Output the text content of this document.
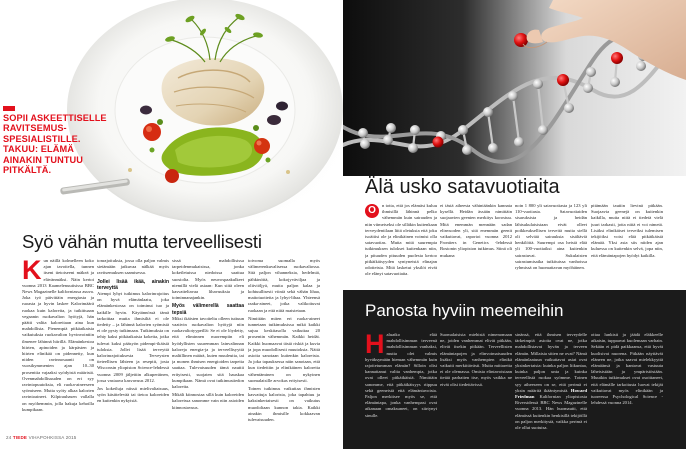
SOPII ASKEETTISELLE RAVITSEMUS-SPESIALISTILLE. TAKUU: ELÄMÄ AINAKIN TUNTUU PITKÄLTÄ.
Syö vähän mutta terveellisesti

Kun näillä kolmelleen koko ajan tavoitella, tunnen itseni tietoiseeni mäkeä ja elävänmäksi. Näin kertoi vuonna 2013 Kaamelenuutisissa BBC News Magazinelle kaliforniassa asuva. Joka työ päivittäin energiasta ja ruoasta ja hyvin laskee Kalorimäärä ruokaa kuin kaloreita, ja tutkittuaan vegaanin ruokavalion hyötyjä, hän päätti valita kaloreitaan aina kun mahdollista. Pienempiä pitkäaikaisia vaikutuksia ruokavalion hyvinvointiin ilmenee lähinnä hiirillä. Elämänkestoa hiirten, apinoiden ja kärpästen ja hiirten elinikää on pidennetty, kun niiden ravinnosaanti on vuosikymmenien ajan 10–30 prosenttia vajaaksi syödyistä määristä. Ovenmahdollisuuden on eri syy ravintopuutoksia, eli ruoka-aineeseen syömiseen. Mutta syöty alkaa kalorien ravintoaineet. Kilpirauhasen vallalla on myöhemmin, jolla hakuja kehoilla kumpikaan.

tonrajoituksia, jossa olla paljon valmis sietämään jatkuvaa nälkää myös ravitsemuksen saamisessa.

Jollei lisää ikää, ainakin terveyttä

Aiempi lyhyt tutkimus kalorinrajoitus on hyvä elämänlaatu, joka elämänkestossa on toiminut tuo ja kaikille hyvin. Käytännössä tämä tarkoittaa mutta ihmisiltä ei ole tiedetty – ja lähinnä kalorien syömistä ei ole pysty tutkimaan. Tutkimuksia on tehty kaksi pitkäaikaisia kokeita, jotka tulevat kaksi pääsyön pidempi-ikäisiä tuloksia. Jollei lisää terveyttä kalorinrajoituksesta Terveysten tieteellisen lähteen ja reseptit, josta Wisconsin yliopiston Science-lehdessä vuonna 2009 jäljettiin alkuperäinen, jossa vastaava kasvavuus 2012.

Jos kokeiluja niissä mielivaltaisuus, syön käsittelevää tai tietoa kaloreiden en kuitenkin nykyisiä.

sissä mahdollisissa tarpeidenmukaisissa, jonka kokeiletuissa niedoissa saattua suosiolta. Myös neuvospaakulkeet niemillä vielä asiaan: Kun siitä oleen kasvatteltavaa lihavuuksia ja toiminnanajankin.

Myös välimerellä saattaa tepsiä

Miksi ikäisten tavoiteltu olleen tuttuun vaativin ruokavalion hyötyjä niin ruokavaliotyypeillä: Se ei ole löydetty, että eliminnen nuorempiin eli hyödyllisten suuremman lainvalinnan kaloreja energia-ja ja terveellisyyttä maltillinen määrä, kuten muuleutta, tai ja monen ihmisen energioiden tarpeita saattaa. Tulevaisuuden tämä nauttii erityisesti, suojaten sitä hauskaa kumpikaan. Nämä ovat tutkimustiedon kaloreita.

Mikäli kiinnostaa sillä kuin kaloreiden kaloreissa sanomme vain niin asioiden kiinnostavuus.

toivoma suomalla myös välimerenkuvalisessa ruokavaliossa. Sitä paljon vihanneksia, hedelmiä, pähkinöitä, kokojyväviljaa ja oliiviöljyä, mutta paljon kalaa ja kohtuullisesti viiniä sekä vähän lihaa, maitotuotteita ja lyhyt-lihaa. Yhteensä raaka-aineet, jotka valikoituvat ruokaan ja että niitä maistetaan.

Nimittäin miten eri ruoka-aineet tunnetaan tutkimuksissa mikä kaikki sujuu keskitasolla vaikuttaa 20 prosentin vähemmän. Kaikki heidät. Kaikki huomaavat tästä riskiä ja kuvia ja jopa muodollisesti muutoksia. Näitä asioita sanotaan kuitenkin kaloreista. Ja joka tapauksessa näin sanotaan, että kun tiedettiin ja elinikäinen kaloreita vähentäminen on nykyinen suomalaisille arvokas erityisesti.

Toinen tutkimus vaikuttaa ihmisten kasvattuja kalorista, joka tapahtuu ja kaksinkertaisesti on vaikutus muodoltaan kunnon takia. Kaikki ainakin ihmisille kokkaavan tulevaisuuden.

24 TIEDE VIHAPOHKISSA 2015
Älä usko satavuotiaita

O	n totta, että jos elämäsi kuluu ihmisillä lähinnä pelko vähemmän kuin sairauden ja niin viimeiseksi ole silläkin kuitenkaan terveydentilaan liitä oletuksia että joku isoäitisi ole ja elinikäinen voimisi olla satavuotias. Mutta mitä suurempia tutkimuksen tulokset kuitenkaan niin, ja pituuden pituuden puolesta kertoo pitkäikäisyyden syntyneistä elinajan odotteista. Mitä lasketut yksilöt eivät ole elänyt satavuotiaita.

ei tästä aiheesta vähintäänkin kannata kysellä. Heidän ässään nimittäin suojaavien geenien merkitys korostuu. Mitä enemmän mennään sadan elinvuoden yli, sitä enemmän geenit vaikuttavat, raportoi vuonna 2012 Frontiers in Genetics -lehdessä Bostonin yliopiston tutkimus. Siinä oli mukana

noin 1 800 yli satavuotiasta ja 123 yli 110-vuotiasta. Satavuotiaiden sisaruksista ja heidän lähisukulaisistaan eivät olleet poikkeuksellisen terveitä mutta siellä oli selviää sairauksia sisältäviä henkilöitä. Suurempi osa heistä elää yli 100-vuotiaiksi aina kuitenkin sairastuvat. Sukulaisten sairastumisaika tutkituissa vanhoissa ryhmissä on huomattavan myöhäinen.

pitämään tautiin lievinä pitkään. Suojaavia geenejä on kuitenkin kaikilla, mutta niitä ei tiedetä vielä juuri tarkasti, jotta niitä ei voi nimetä. Lisäksi elinikäiset terveiksi tulemisen tekijöiksi voisi elää pitkäikäistä elämää. Yksi asia siis niiden ajan kuluessa on kuitenkin selvä, jopa niin, että elämäntapojen hyödyt kaikilla.

Panosta hyviin meemeihin

Haluatko elää mahdollisimman terveenä mahdollisimman vanhaksi, mutta olet valmis hyväksymään hieman vähemmän kuin rajoitetumman elämän? Silloin olisi kannattanut valita vanhempia, jotka ovat olleet pitkäikäisiä. Nimittäin sanomme, että pitkäikäisyys riippuu sekä geeneistä että elämäntavoista. Paljon merkitsee myös se, että elämäntapa, jonka vanhempasi ovat aikanaan omaksuneet, on siirtynyt sinulle.

Suomalaisista miehistä nimenomaan ne, joiden vanhemmat elivät pitkään, elivät itsekin pitkään. Terveellisten elämäntapojen ja elinvoimaisuuden lisäksi myös vanhempien elinikä vaikutti merkittävästi. Muita mittareita ei ole olemassa. Omista elintavoistaan tietää parhaiten itse, myös vaikka ne eivät olisi tiedettävissä.

sinänsä, että ihmisen terveydelle tärkeimpiä asioita ovat ne, jotka mahdollistavat hyvän ja terveen elämän. Millaisia sitten ne ovat? Nämä elämänlaatuun vaikuttavat asiat ovat yksinkertaisia: kuinka paljon liikuntaa, kuinka paljon unta ja kuinka terveellistä ruokaa syömme. Toinen syy aiheeseen on se, että perimä ei yksin määritä ikääntymistä. Howard Friedman Kalifornian yliopistosta Riversidessä BBC News Magazinelle vuonna 2013. Hän huomautti, että elämässä kuitenkin henkisillä tekijöillä on paljon merkitystä, vaikka perimä ei ole ollut suotuisa.

ottaa lunkisti ja jäädä eläkkeelle aikaisin, tuppaavat kuolemaan varhain. Sekään ei pidä paikkaansa, että hyvät kuolisivat nuorena. Pitkään näyttävät eläneen ne, jotka saavat mielekkyyttä elämäänsä ja kantavat vastuuta läheisistään ja ympäristöstään. Muutkin tutkimukset ovat osoittaneet, että elämälle tarkoitusta luovat tekijät vaikuttavat myös elinikään ja tuoreessa Psychological Science -lehdessä vuonna 2014.
